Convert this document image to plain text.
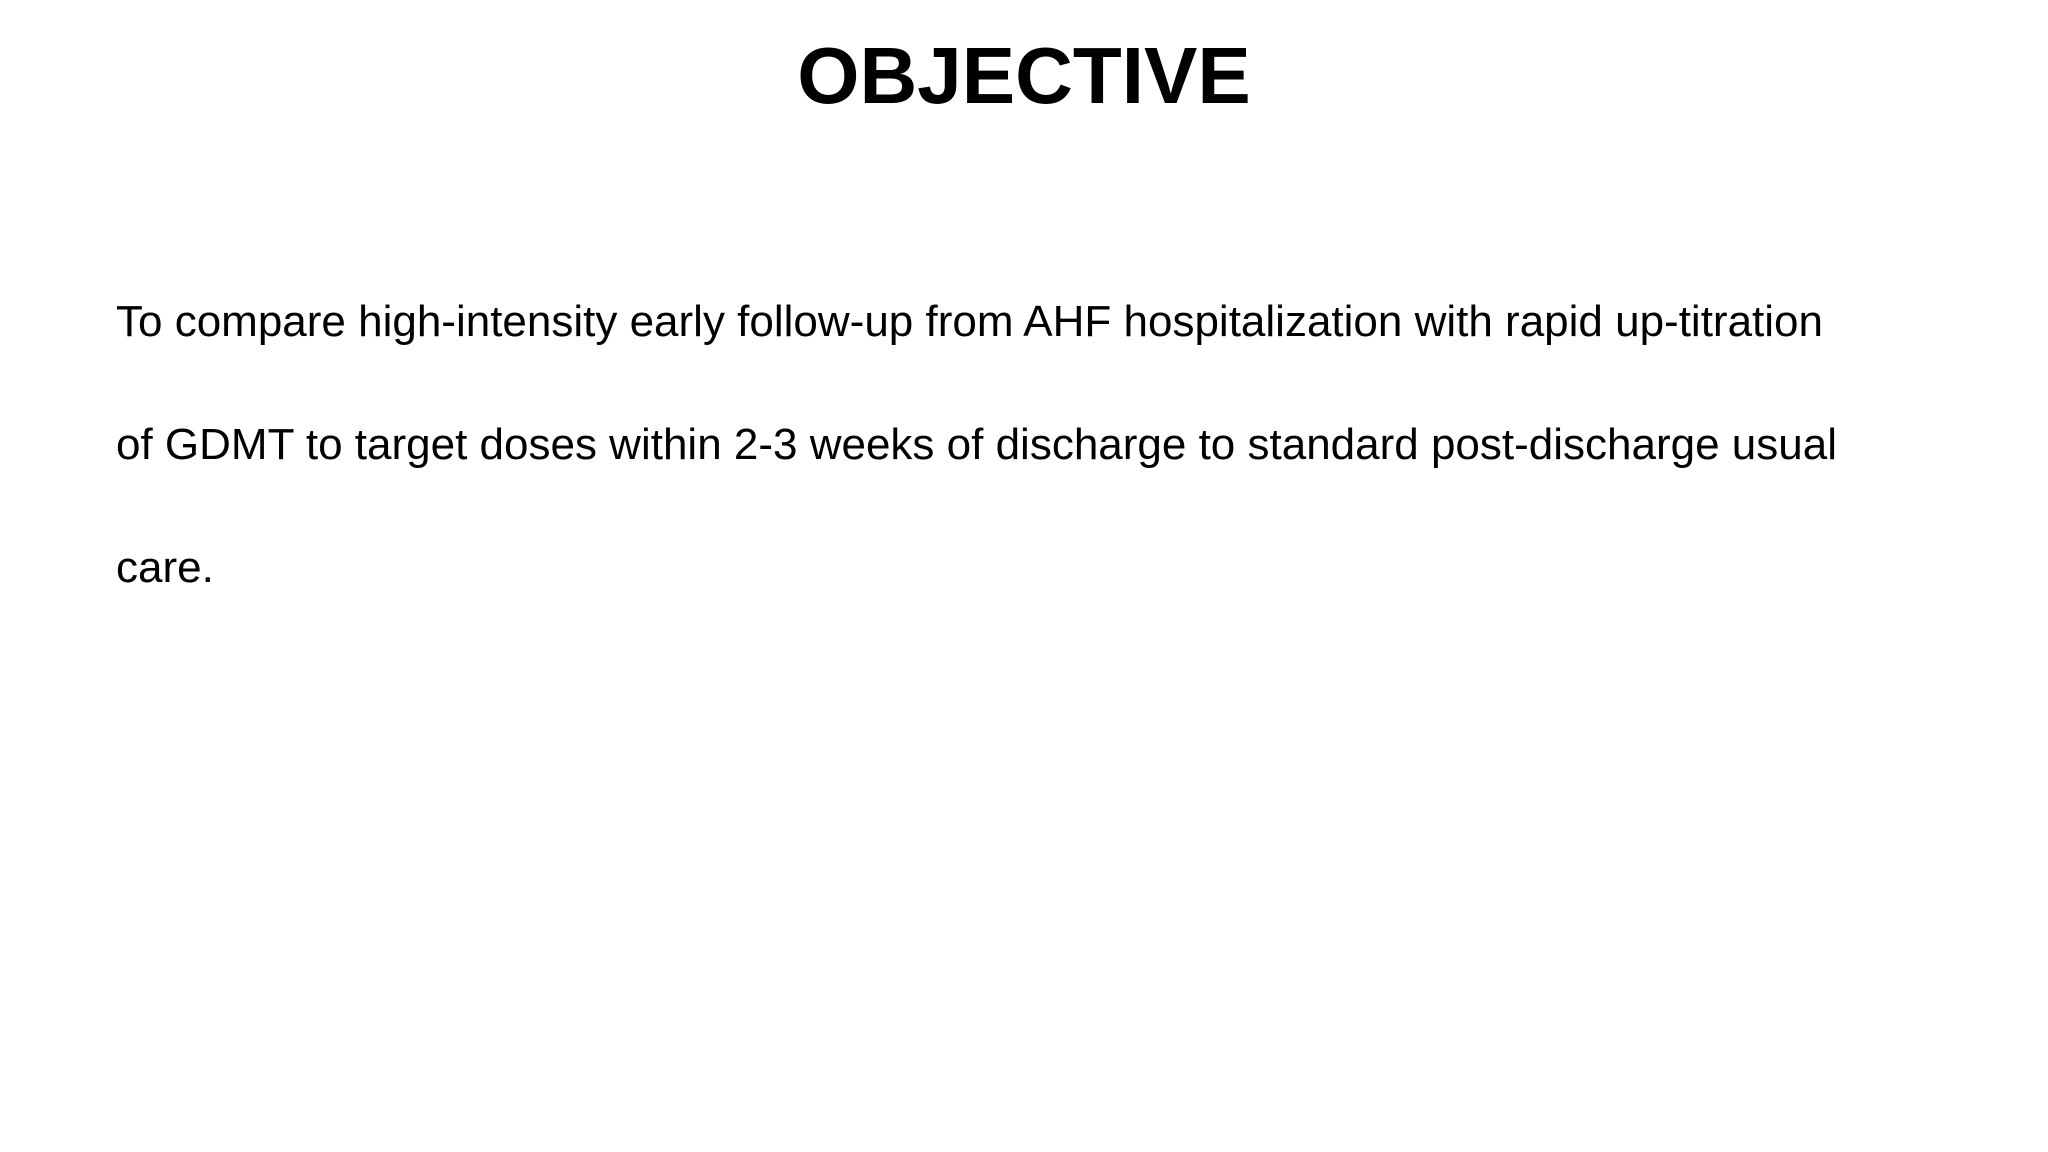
OBJECTIVE
To compare high-intensity early follow-up from AHF hospitalization with rapid up-titration
of GDMT to target doses within 2-3 weeks of discharge to standard post-discharge usual
care.
